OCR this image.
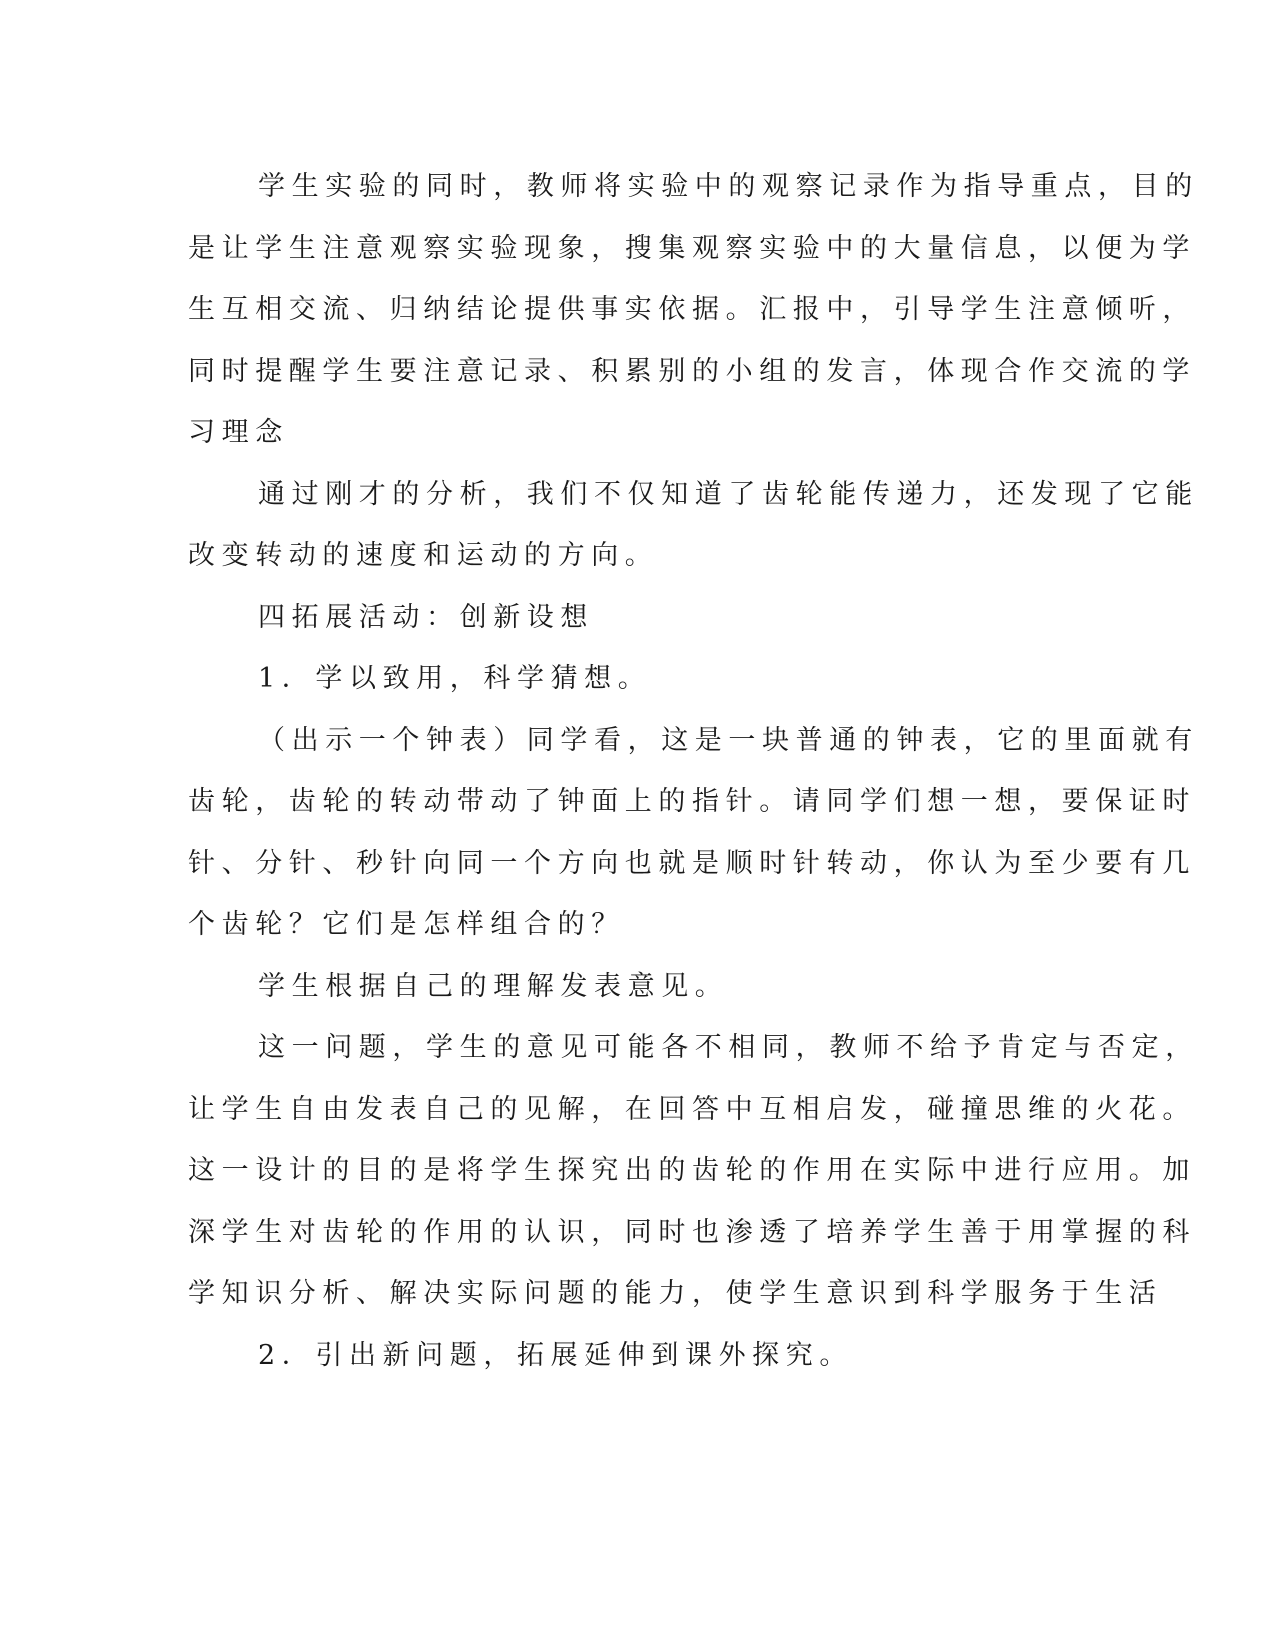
学生实验的同时，教师将实验中的观察记录作为指导重点，目的
是让学生注意观察实验现象，搜集观察实验中的大量信息，以便为学
生互相交流、归纳结论提供事实依据。汇报中，引导学生注意倾听，
同时提醒学生要注意记录、积累别的小组的发言，体现合作交流的学
习理念

通过刚才的分析，我们不仅知道了齿轮能传递力，还发现了它能
改变转动的速度和运动的方向。

四拓展活动：创新设想

1．学以致用，科学猜想。

（出示一个钟表）同学看，这是一块普通的钟表，它的里面就有
齿轮，齿轮的转动带动了钟面上的指针。请同学们想一想，要保证时
针、分针、秒针向同一个方向也就是顺时针转动，你认为至少要有几
个齿轮？它们是怎样组合的？

学生根据自己的理解发表意见。

这一问题，学生的意见可能各不相同，教师不给予肯定与否定，
让学生自由发表自己的见解，在回答中互相启发，碰撞思维的火花。
这一设计的目的是将学生探究出的齿轮的作用在实际中进行应用。加
深学生对齿轮的作用的认识，同时也渗透了培养学生善于用掌握的科
学知识分析、解决实际问题的能力，使学生意识到科学服务于生活

2．引出新问题，拓展延伸到课外探究。
